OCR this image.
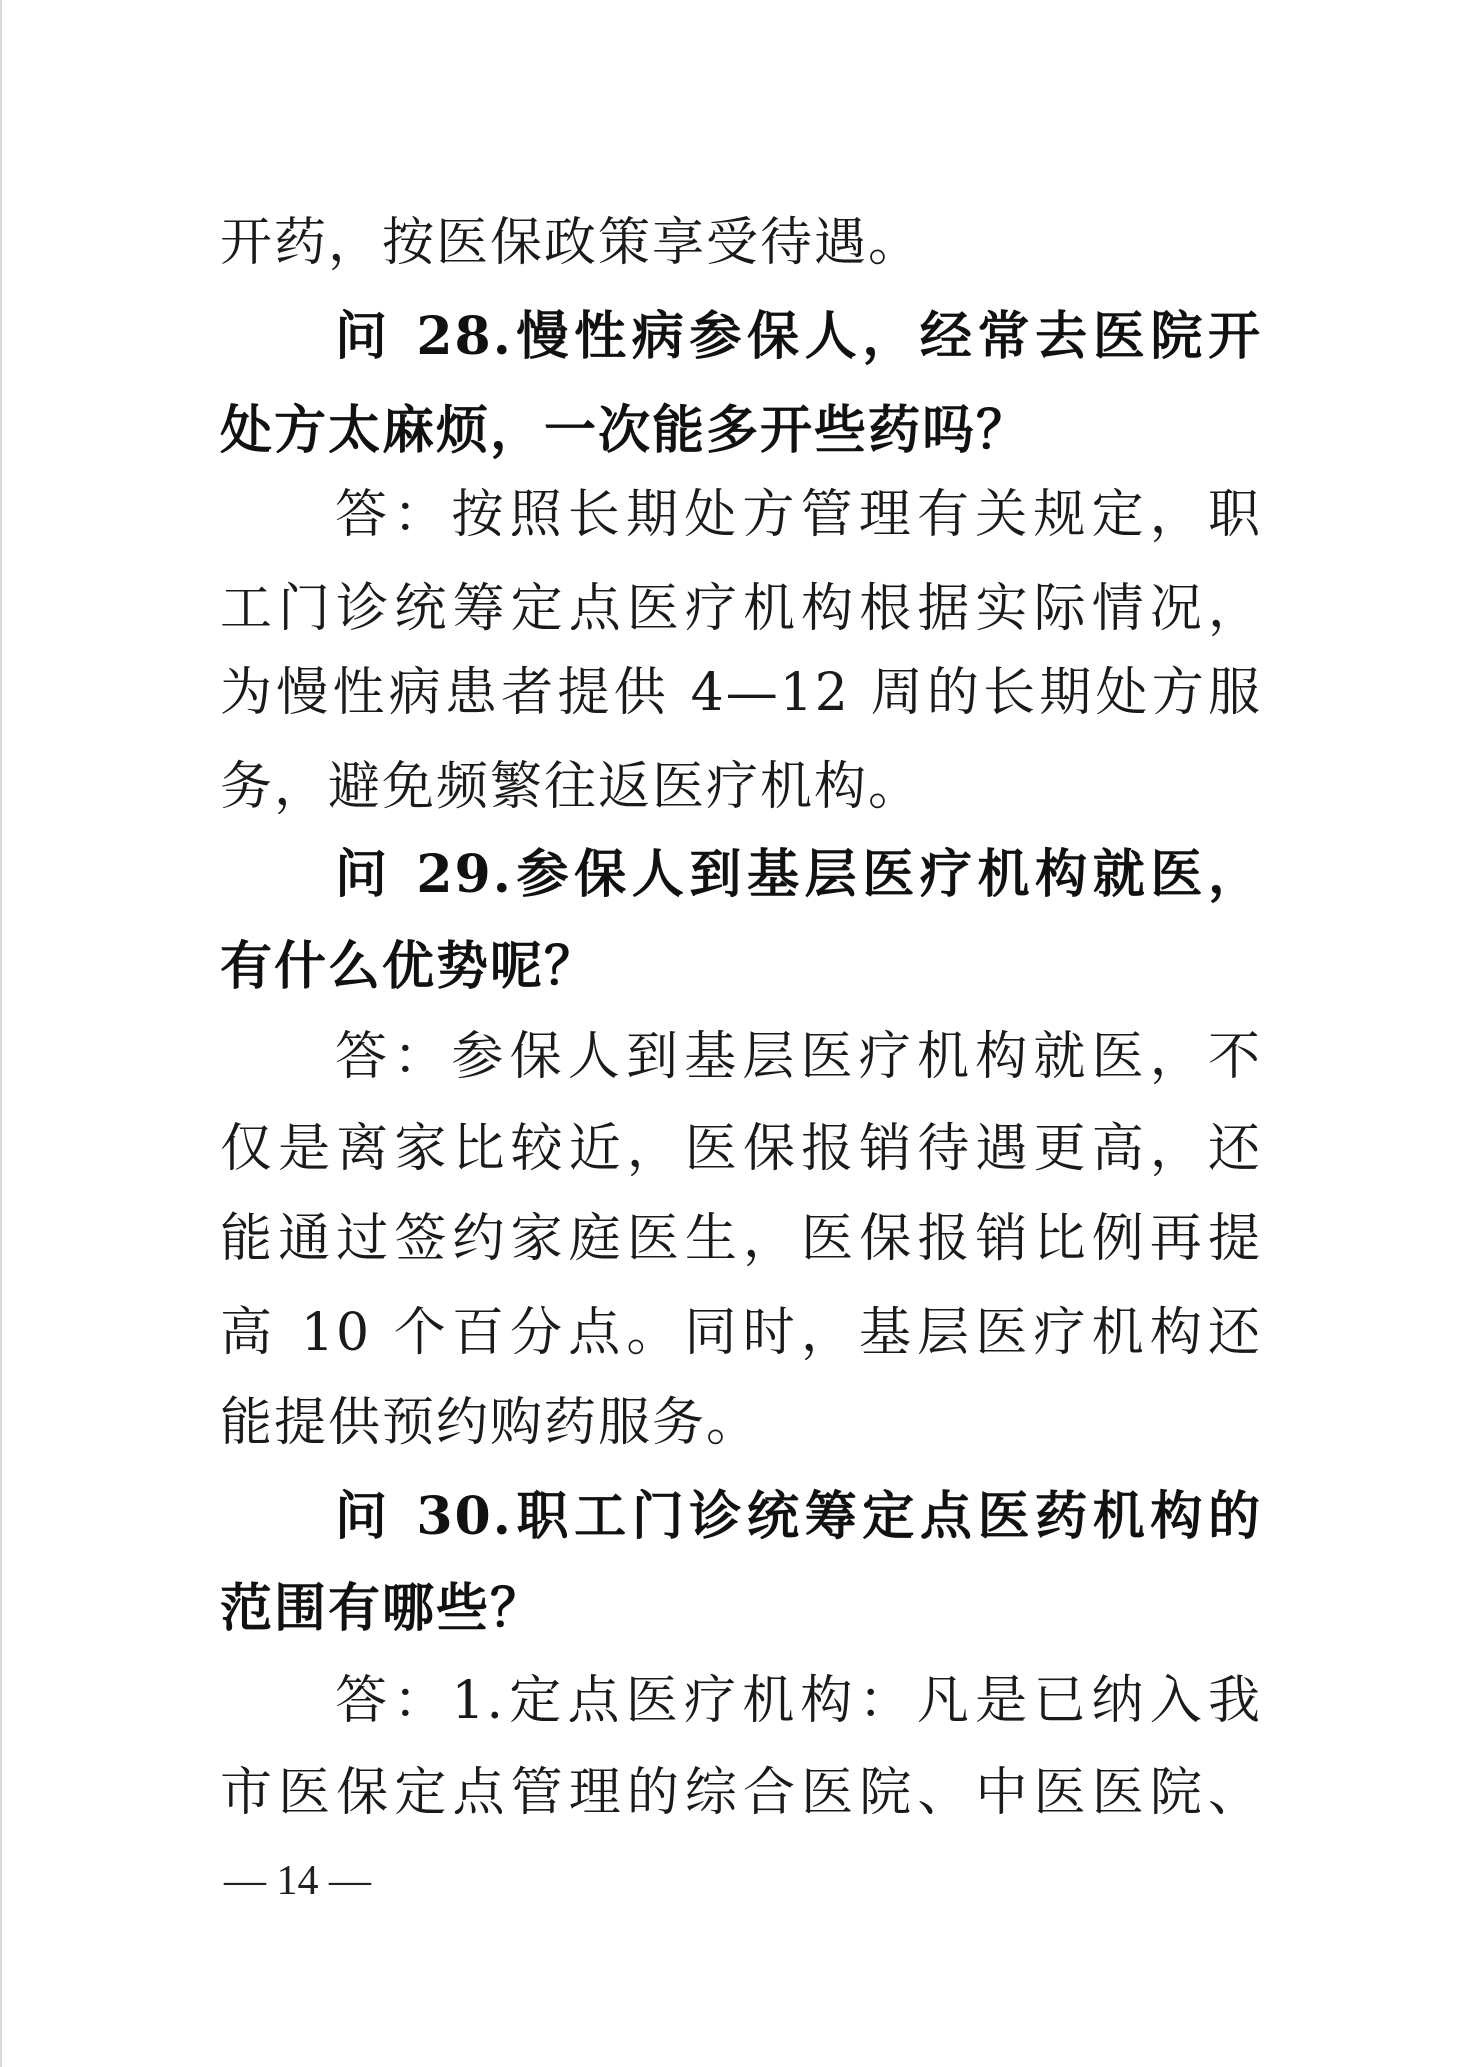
开药，按医保政策享受待遇。
问 28.慢性病参保人，经常去医院开
处方太麻烦，一次能多开些药吗？
答：按照长期处方管理有关规定，职
工门诊统筹定点医疗机构根据实际情况，
为慢性病患者提供 4—12 周的长期处方服
务，避免频繁往返医疗机构。
问 29.参保人到基层医疗机构就医，
有什么优势呢？
答：参保人到基层医疗机构就医，不
仅是离家比较近，医保报销待遇更高，还
能通过签约家庭医生，医保报销比例再提
高 10 个百分点。同时，基层医疗机构还
能提供预约购药服务。
问 30.职工门诊统筹定点医药机构的
范围有哪些？
答：1.定点医疗机构：凡是已纳入我
市医保定点管理的综合医院、中医医院、
— 14 —
